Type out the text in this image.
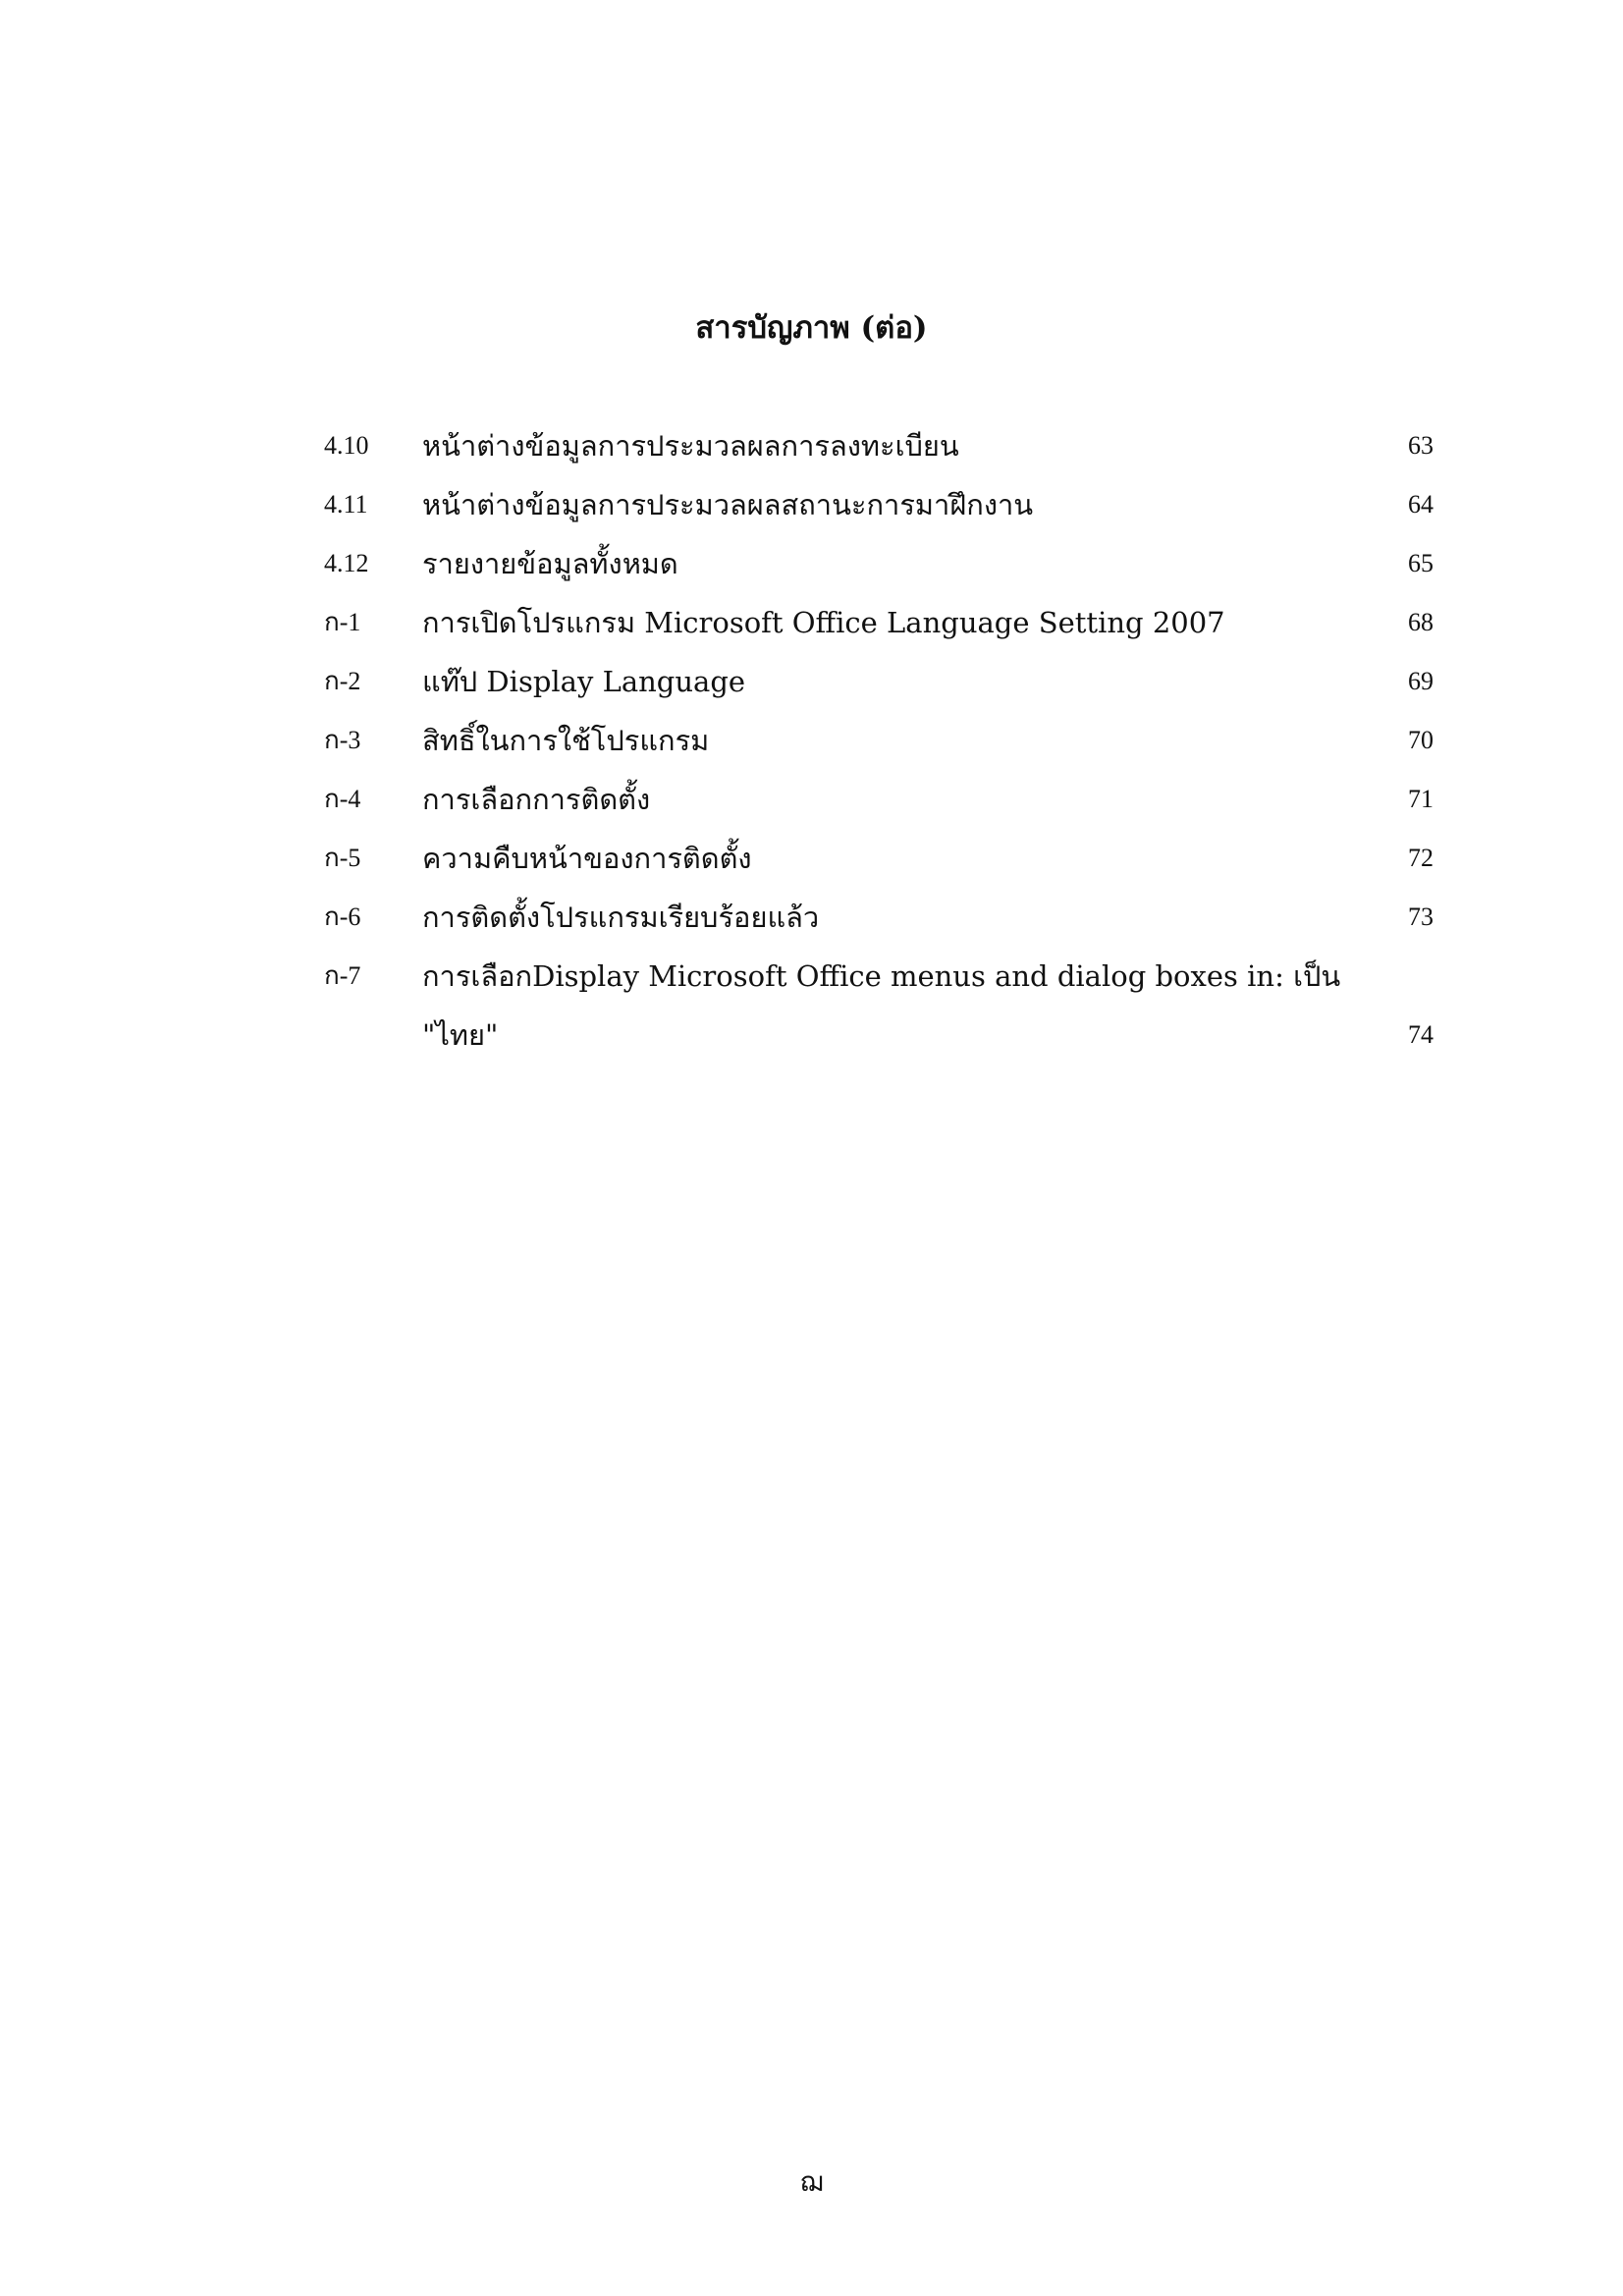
สารบัญภาพ (ต่อ)
4.10 หน้าต่างข้อมูลการประมวลผลการลงทะเบียน	63
4.11 หน้าต่างข้อมูลการประมวลผลสถานะการมาฝึกงาน	64
4.12 รายงายข้อมูลทั้งหมด	65
ก-1 การเปิดโปรแกรม Microsoft Office Language Setting 2007	68
ก-2 แท๊ป Display Language	69
ก-3 สิทธิ์ในการใช้โปรแกรม	70
ก-4 การเลือกการติดตั้ง	71
ก-5 ความคืบหน้าของการติดตั้ง	72
ก-6 การติดตั้งโปรแกรมเรียบร้อยแล้ว	73
ก-7 การเลือกDisplay Microsoft Office menus and dialog boxes in: เป็น
"ไทย"	74
ฌ
